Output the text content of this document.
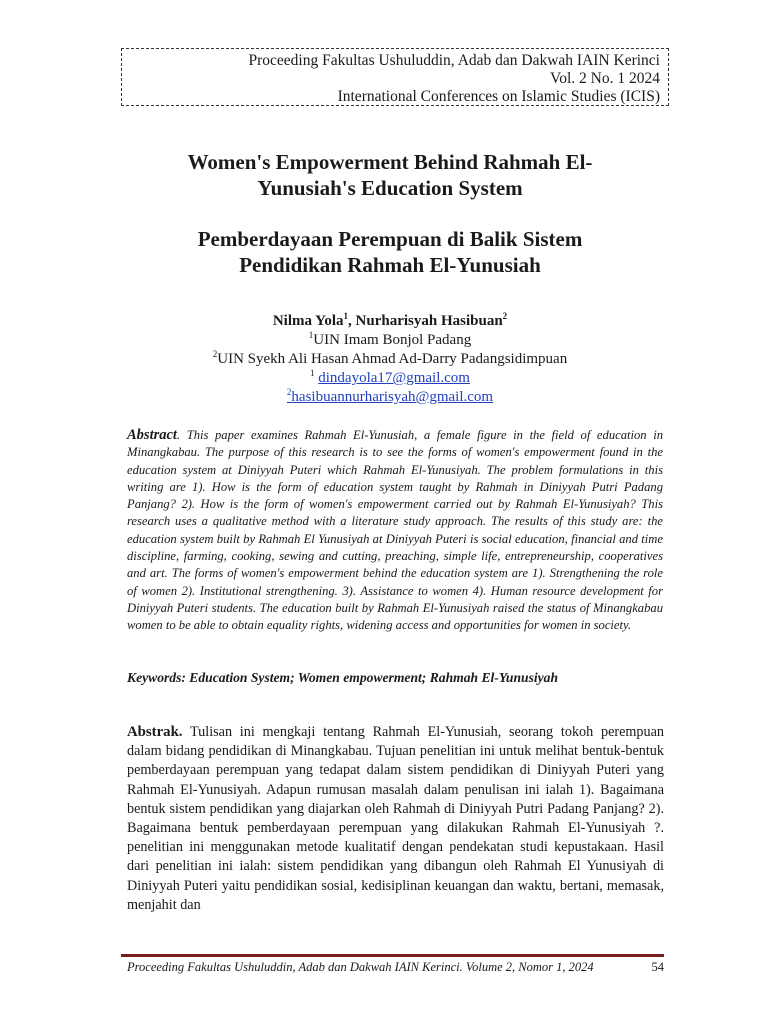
Proceeding Fakultas Ushuluddin, Adab dan Dakwah IAIN Kerinci
Vol. 2 No. 1 2024
International Conferences on Islamic Studies (ICIS)
Women's Empowerment Behind Rahmah El-
Yunusiah's Education System
Pemberdayaan Perempuan di Balik Sistem
Pendidikan Rahmah El-Yunusiah
Nilma Yola$^1$, Nurharisyah Hasibuan$^2$
$^1$UIN Imam Bonjol Padang
$^2$UIN Syekh Ali Hasan Ahmad Ad-Darry Padangsidimpuan
$^1$ dindayola17@gmail.com
$^2$hasibuannurharisyah@gmail.com
Abstract. This paper examines Rahmah El-Yunusiah, a female figure in the field of education in Minangkabau. The purpose of this research is to see the forms of women's empowerment found in the education system at Diniyyah Puteri which Rahmah El-Yunusiyah. The problem formulations in this writing are 1). How is the form of education system taught by Rahmah in Diniyyah Putri Padang Panjang? 2). How is the form of women's empowerment carried out by Rahmah El-Yunusiyah? This research uses a qualitative method with a literature study approach. The results of this study are: the education system built by Rahmah El Yunusiyah at Diniyyah Puteri is social education, financial and time discipline, farming, cooking, sewing and cutting, preaching, simple life, entrepreneurship, cooperatives and art. The forms of women's empowerment behind the education system are 1). Strengthening the role of women 2). Institutional strengthening. 3). Assistance to women 4). Human resource development for Diniyyah Puteri students. The education built by Rahmah El-Yunusiyah raised the status of Minangkabau women to be able to obtain equality rights, widening access and opportunities for women in society.
Keywords: Education System; Women empowerment; Rahmah El-Yunusiyah
Abstrak. Tulisan ini mengkaji tentang Rahmah El-Yunusiah, seorang tokoh perempuan dalam bidang pendidikan di Minangkabau. Tujuan penelitian ini untuk melihat bentuk-bentuk pemberdayaan perempuan yang tedapat dalam sistem pendidikan di Diniyyah Puteri yang Rahmah El-Yunusiyah. Adapun rumusan masalah dalam penulisan ini ialah 1). Bagaimana bentuk sistem pendidikan yang diajarkan oleh Rahmah di Diniyyah Putri Padang Panjang? 2). Bagaimana bentuk pemberdayaan perempuan yang dilakukan Rahmah El-Yunusiyah ?. penelitian ini menggunakan metode kualitatif dengan pendekatan studi kepustakaan. Hasil dari penelitian ini ialah: sistem pendidikan yang dibangun oleh Rahmah El Yunusiyah di Diniyyah Puteri yaitu pendidikan sosial, kedisiplinan keuangan dan waktu, bertani, memasak, menjahit dan
Proceeding Fakultas Ushuluddin, Adab dan Dakwah IAIN Kerinci. Volume 2, Nomor 1, 2024	54
